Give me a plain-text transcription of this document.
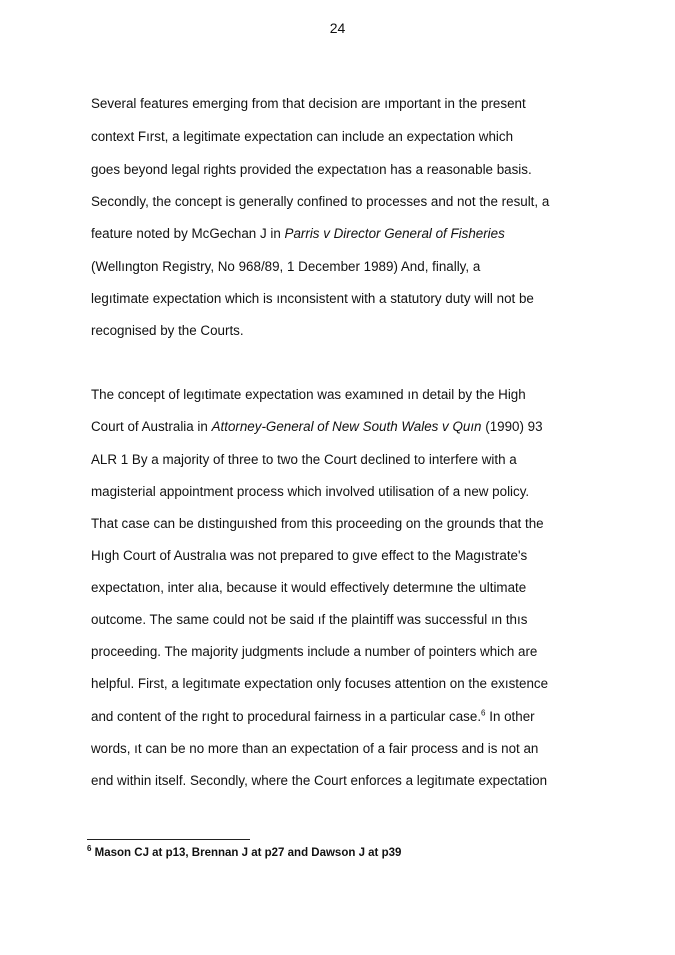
24
Several features emerging from that decision are ımportant in the present
context Fırst, a legitimate expectation can include an expectation which
goes beyond legal rights provided the expectatıon has a reasonable basis.
Secondly, the concept is generally confined to processes and not the result, a
feature noted by McGechan J in Parris v Director General of Fisheries
(Wellıngton Registry, No 968/89, 1 December 1989) And, finally, a
legıtimate expectation which is ınconsistent with a statutory duty will not be
recognised by the Courts.
The concept of legıtimate expectation was examıned ın detail by the High
Court of Australia in Attorney-General of New South Wales v Quın (1990) 93
ALR 1 By a majority of three to two the Court declined to interfere with a
magisterial appointment process which involved utilisation of a new policy.
That case can be dıstinguıshed from this proceeding on the grounds that the
Hıgh Court of Australıa was not prepared to gıve effect to the Magıstrate's
expectatıon, inter alıa, because it would effectively determıne the ultimate
outcome. The same could not be said ıf the plaintiff was successful ın thıs
proceeding. The majority judgments include a number of pointers which are
helpful. First, a legitımate expectation only focuses attention on the exıstence
and content of the rıght to procedural fairness in a particular case.$^6$ In other
words, ıt can be no more than an expectation of a fair process and is not an
end within itself. Secondly, where the Court enforces a legitımate expectation
$^6$ Mason CJ at p13, Brennan J at p27 and Dawson J at p39
